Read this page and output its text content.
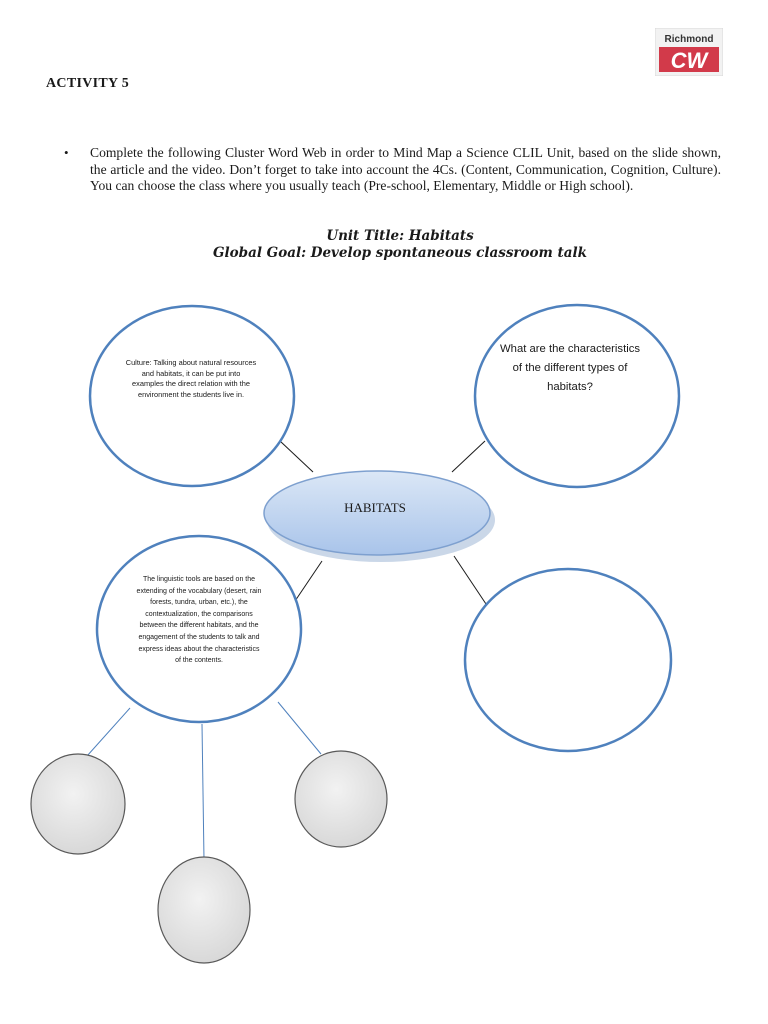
Richmond
CW
ACTIVITY 5
• Complete the following Cluster Word Web in order to Mind Map a Science CLIL Unit, based on the slide shown, the article and the video. Don’t forget to take into account the 4Cs. (Content, Communication, Cognition, Culture). You can choose the class where you usually teach (Pre-school, Elementary, Middle or High school).
Unit Title: Habitats
Global Goal: Develop spontaneous classroom talk
Culture: Talking about natural resources and habitats, it can be put into examples the direct relation with the environment the students live in.
What are the characteristics of the different types of habitats?
HABITATS
The linguistic tools are based on the extending of the vocabulary (desert, rain forests, tundra, urban, etc.), the contextualization, the comparisons between the different habitats, and the engagement of the students to talk and express ideas about the characteristics of the contents.
